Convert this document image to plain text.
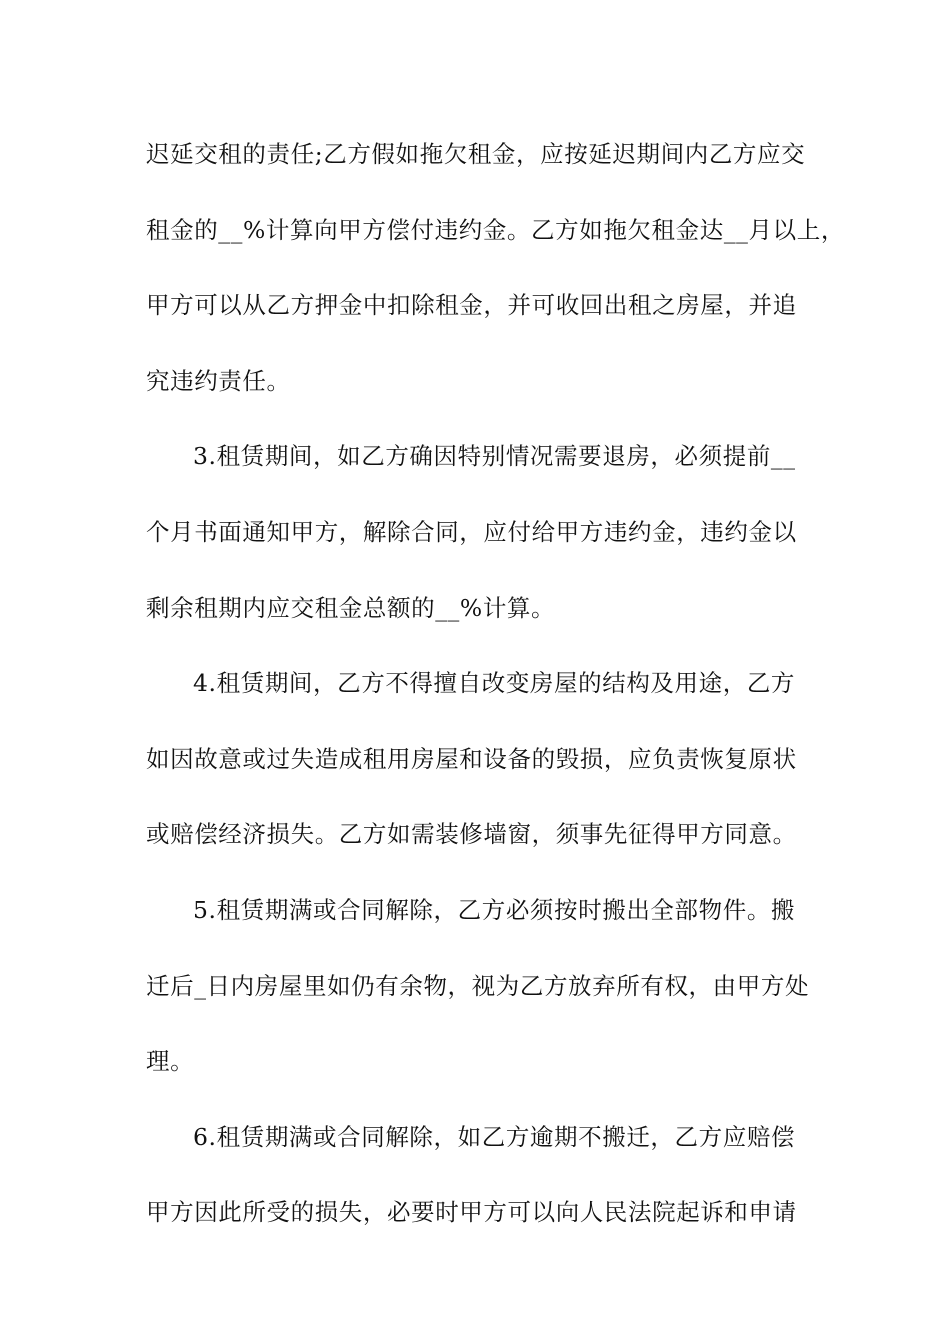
迟延交租的责任;乙方假如拖欠租金，应按延迟期间内乙方应交
租金的__%计算向甲方偿付违约金。乙方如拖欠租金达__月以上，
甲方可以从乙方押金中扣除租金，并可收回出租之房屋，并追
究违约责任。
3.租赁期间，如乙方确因特别情况需要退房，必须提前__
个月书面通知甲方，解除合同，应付给甲方违约金，违约金以
剩余租期内应交租金总额的__%计算。
4.租赁期间，乙方不得擅自改变房屋的结构及用途，乙方
如因故意或过失造成租用房屋和设备的毁损，应负责恢复原状
或赔偿经济损失。乙方如需装修墙窗，须事先征得甲方同意。
5.租赁期满或合同解除，乙方必须按时搬出全部物件。搬
迁后_日内房屋里如仍有余物，视为乙方放弃所有权，由甲方处
理。
6.租赁期满或合同解除，如乙方逾期不搬迁，乙方应赔偿
甲方因此所受的损失，必要时甲方可以向人民法院起诉和申请
